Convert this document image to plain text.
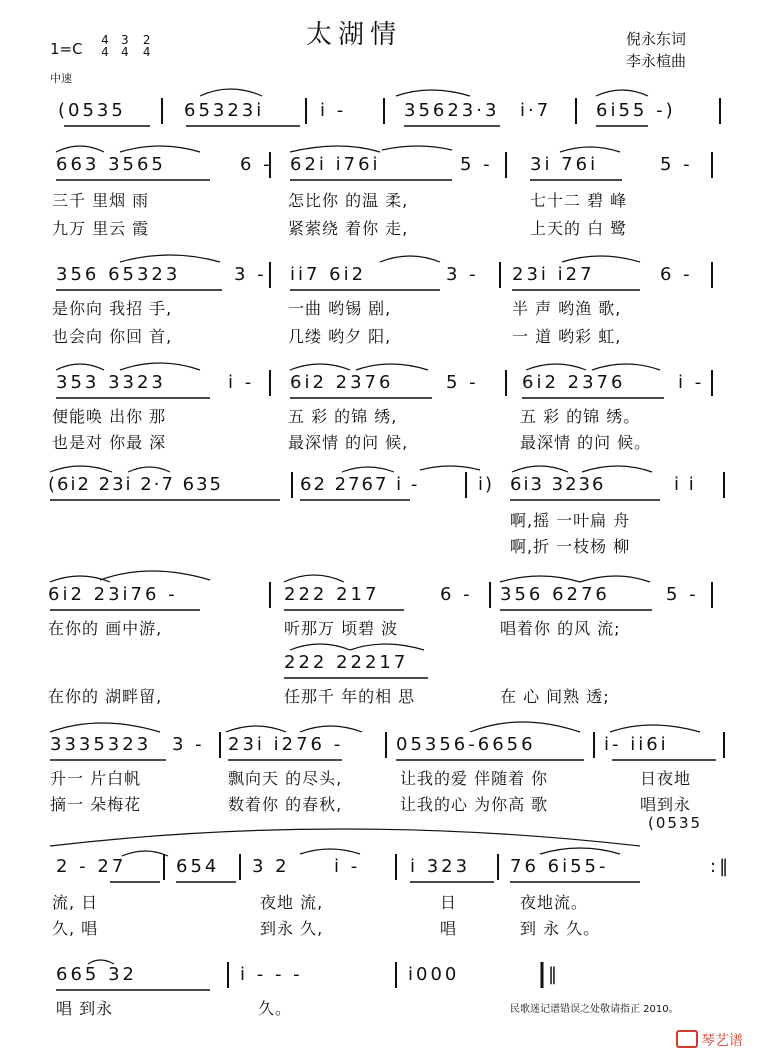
太湖情	倪永东词
李永楦曲
1=C 4
4 3
4 2
4
中速
(0535	65323i	i -	35623·3 i·7 6i55 -)
663 3565	6 - 62i i76i	5 - 3i 76i	5 -
356 65323	3 - ii7 6i2	3 - 23i i27	6 -
353 3323	i - 6i2 2376	5 - 6i2 2376	i -
(6i2 23i 2·7 635	62 2767 i -	i) 6i3 3236	i i
6i2 23i76 -	222 217	6 - 356 6276	5 -
222 22217
3335323 3 - 23i i276 -	05356-6656	i- ii6i
(0535
2 - 27	654 3 2 i -	i 323 76 6i55-	:‖
665 32	i - - -	i000	‖
三千 里烟 雨	怎比你 的温 柔,	七十二 碧 峰
九万 里云 霞	紧萦绕 着你 走,	上天的 白 鹭
是你向 我招 手,	一曲 哟锡 剧,	半 声 哟渔 歌,
也会向 你回 首,	几缕 哟夕 阳,	一 道 哟彩 虹,
便能唤 出你 那	五 彩 的锦 绣,	五 彩 的锦 绣。
也是对 你最 深	最深情 的问 候,	最深情 的问 候。
啊,摇 一叶扁 舟
啊,折 一枝杨 柳
在你的 画中游,	听那万 顷碧 波	唱着你 的风 流;
在你的 湖畔留,	任那千 年的相 思	在 心 间熟 透;
升一 片白帆	飘向天 的尽头,	让我的爱 伴随着 你	日夜地
摘一 朵梅花	数着你 的春秋,	让我的心 为你高 歌	唱到永
流, 日	夜地 流,	日	夜地流。
久, 唱	到永 久,	唱	到 永 久。
唱 到永	久。	民歌迷记谱错误之处敬请指正 2010。
琴艺谱
